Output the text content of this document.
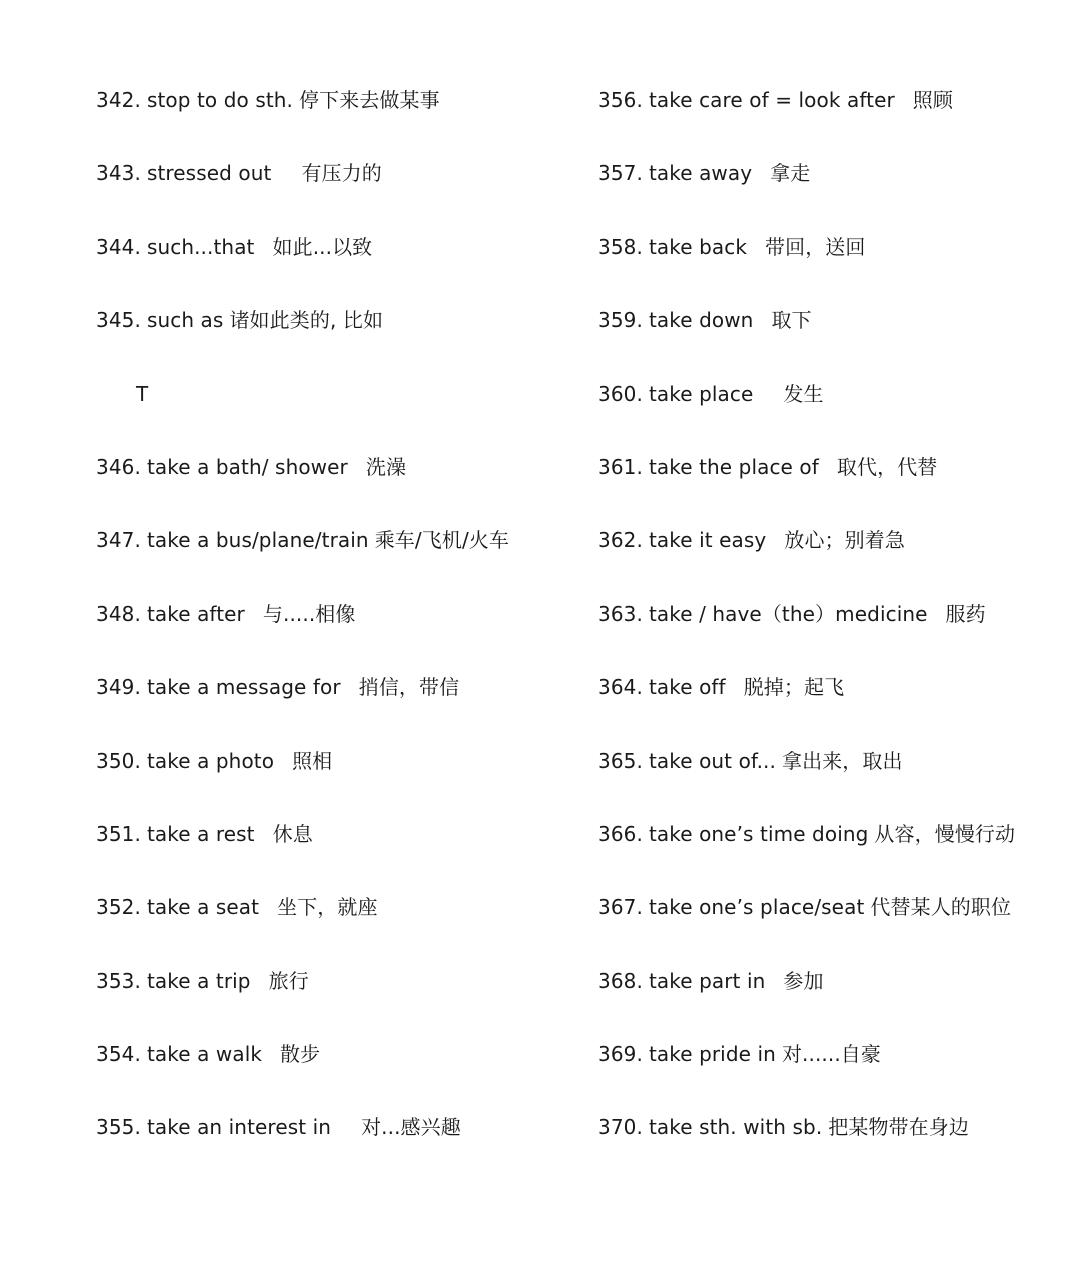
342. stop to do sth. 停下来去做某事
343. stressed out 有压力的
344. such...that 如此...以致
345. such as 诸如此类的, 比如
T
346. take a bath/ shower 洗澡
347. take a bus/plane/train 乘车/飞机/火车
348. take after 与.....相像
349. take a message for 捎信，带信
350. take a photo 照相
351. take a rest 休息
352. take a seat 坐下，就座
353. take a trip 旅行
354. take a walk 散步
355. take an interest in 对...感兴趣
356. take care of = look after 照顾
357. take away 拿走
358. take back 带回，送回
359. take down 取下
360. take place 发生
361. take the place of 取代，代替
362. take it easy 放心；别着急
363. take / have（the）medicine 服药
364. take off 脱掉；起飞
365. take out of... 拿出来，取出
366. take one’s time doing 从容，慢慢行动
367. take one’s place/seat 代替某人的职位
368. take part in 参加
369. take pride in 对......自豪
370. take sth. with sb. 把某物带在身边
